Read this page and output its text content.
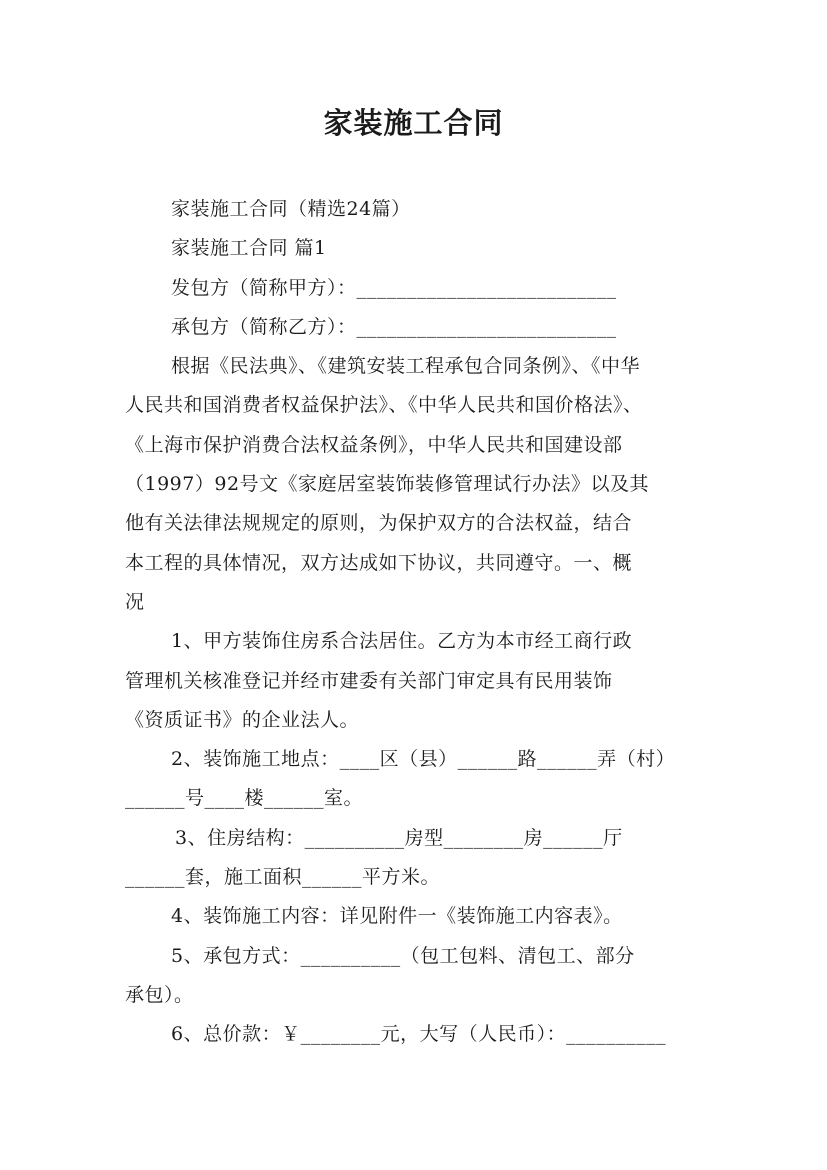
家装施工合同
家装施工合同（精选24篇）
家装施工合同 篇1
发包方（简称甲方）：__________________________
承包方（简称乙方）：__________________________
根据《民法典》、《建筑安装工程承包合同条例》、《中华
人民共和国消费者权益保护法》、《中华人民共和国价格法》、
《上海市保护消费合法权益条例》，中华人民共和国建设部
（1997）92号文《家庭居室装饰装修管理试行办法》以及其
他有关法律法规规定的原则，为保护双方的合法权益，结合
本工程的具体情况，双方达成如下协议，共同遵守。一、概
况
1、甲方装饰住房系合法居住。乙方为本市经工商行政
管理机关核准登记并经市建委有关部门审定具有民用装饰
《资质证书》的企业法人。
2、装饰施工地点：____区（县）______路______弄（村）
______号____楼______室。
3、住房结构：__________房型________房______厅
______套，施工面积______平方米。
4、装饰施工内容：详见附件一《装饰施工内容表》。
5、承包方式：__________（包工包料、清包工、部分
承包）。
6、总价款：￥________元，大写（人民币）：__________
